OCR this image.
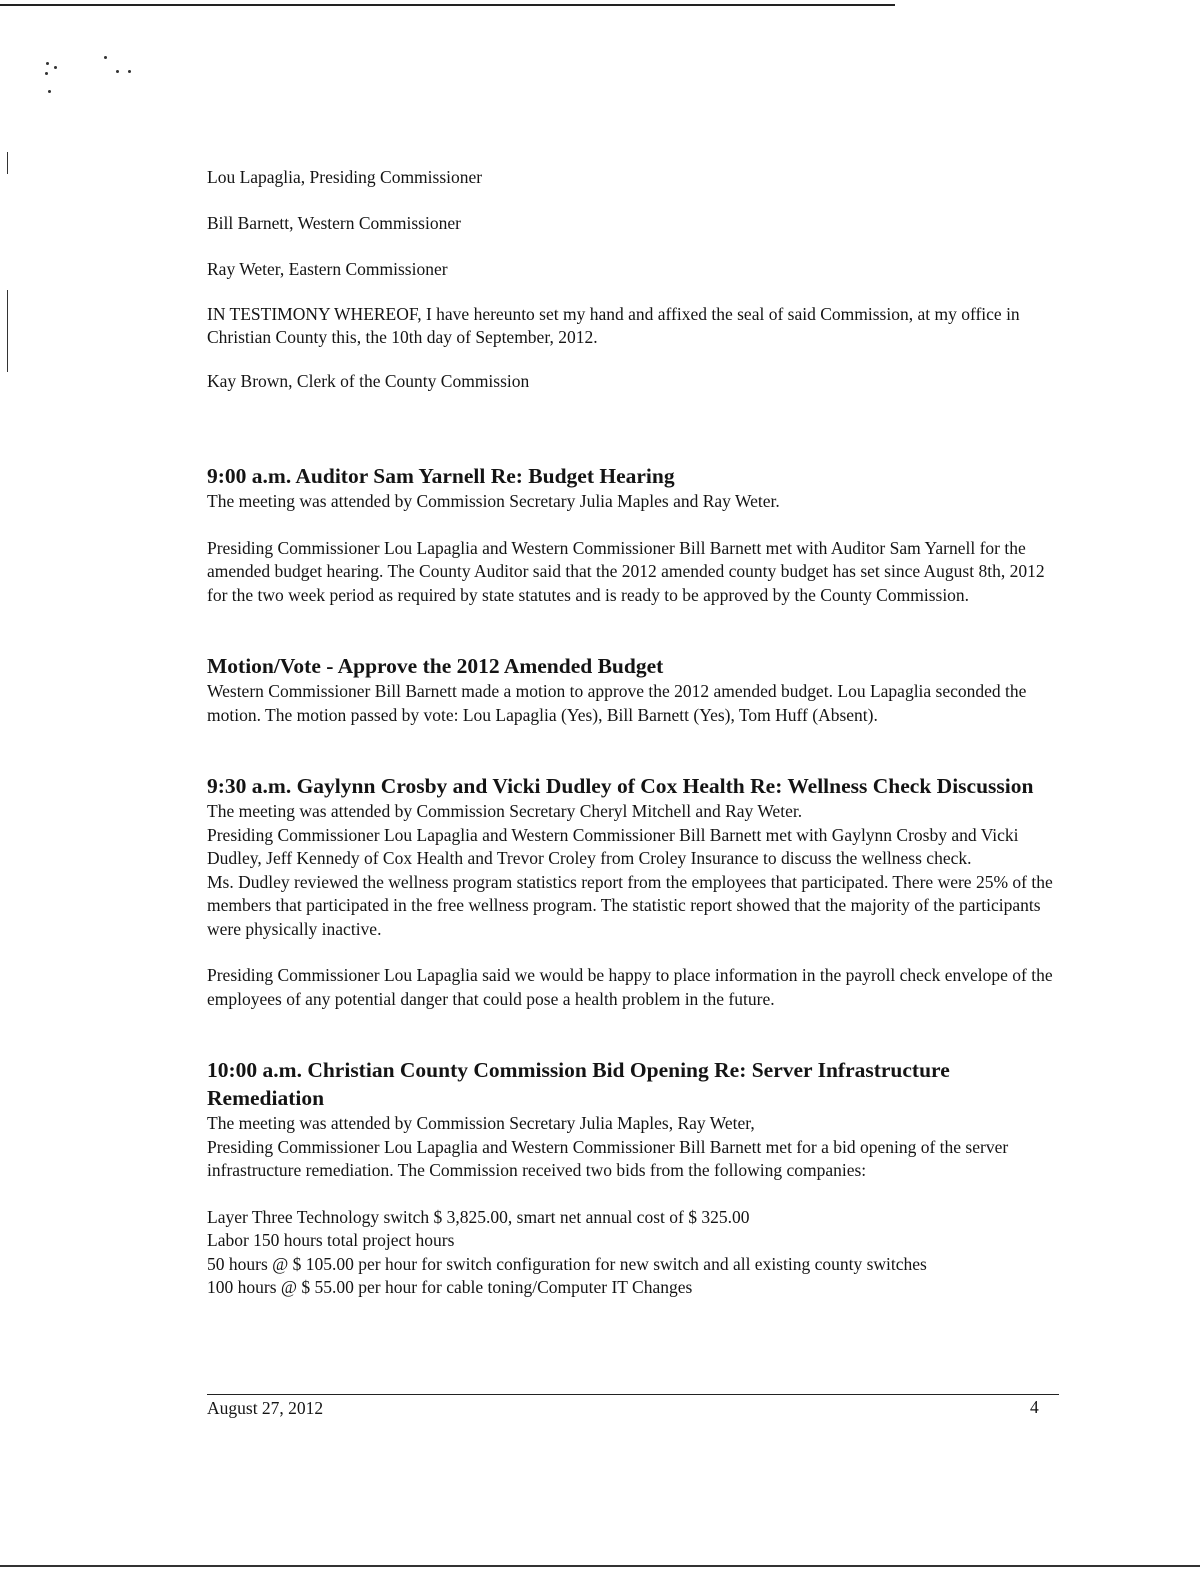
Lou Lapaglia, Presiding Commissioner

Bill Barnett, Western Commissioner

Ray Weter, Eastern Commissioner

IN TESTIMONY WHEREOF, I have hereunto set my hand and affixed the seal of said Commission, at my office in Christian County this, the 10th day of September, 2012.

Kay Brown, Clerk of the County Commission

9:00 a.m. Auditor Sam Yarnell Re: Budget Hearing

The meeting was attended by Commission Secretary Julia Maples and Ray Weter.

Presiding Commissioner Lou Lapaglia and Western Commissioner Bill Barnett met with Auditor Sam Yarnell for the amended budget hearing. The County Auditor said that the 2012 amended county budget has set since August 8th, 2012 for the two week period as required by state statutes and is ready to be approved by the County Commission.

Motion/Vote - Approve the 2012 Amended Budget

Western Commissioner Bill Barnett made a motion to approve the 2012 amended budget. Lou Lapaglia seconded the motion. The motion passed by vote: Lou Lapaglia (Yes), Bill Barnett (Yes), Tom Huff (Absent).

9:30 a.m. Gaylynn Crosby and Vicki Dudley of Cox Health Re: Wellness Check Discussion

The meeting was attended by Commission Secretary Cheryl Mitchell and Ray Weter.

Presiding Commissioner Lou Lapaglia and Western Commissioner Bill Barnett met with Gaylynn Crosby and Vicki Dudley, Jeff Kennedy of Cox Health and Trevor Croley from Croley Insurance to discuss the wellness check.

Ms. Dudley reviewed the wellness program statistics report from the employees that participated. There were 25% of the members that participated in the free wellness program. The statistic report showed that the majority of the participants were physically inactive.

Presiding Commissioner Lou Lapaglia said we would be happy to place information in the payroll check envelope of the employees of any potential danger that could pose a health problem in the future.

10:00 a.m. Christian County Commission Bid Opening Re: Server Infrastructure Remediation

The meeting was attended by Commission Secretary Julia Maples, Ray Weter,

Presiding Commissioner Lou Lapaglia and Western Commissioner Bill Barnett met for a bid opening of the server infrastructure remediation. The Commission received two bids from the following companies:

Layer Three Technology switch $ 3,825.00, smart net annual cost of $ 325.00

Labor 150 hours total project hours

50 hours @ $ 105.00 per hour for switch configuration for new switch and all existing county switches

100 hours @ $ 55.00 per hour for cable toning/Computer IT Changes

August 27, 2012	4
